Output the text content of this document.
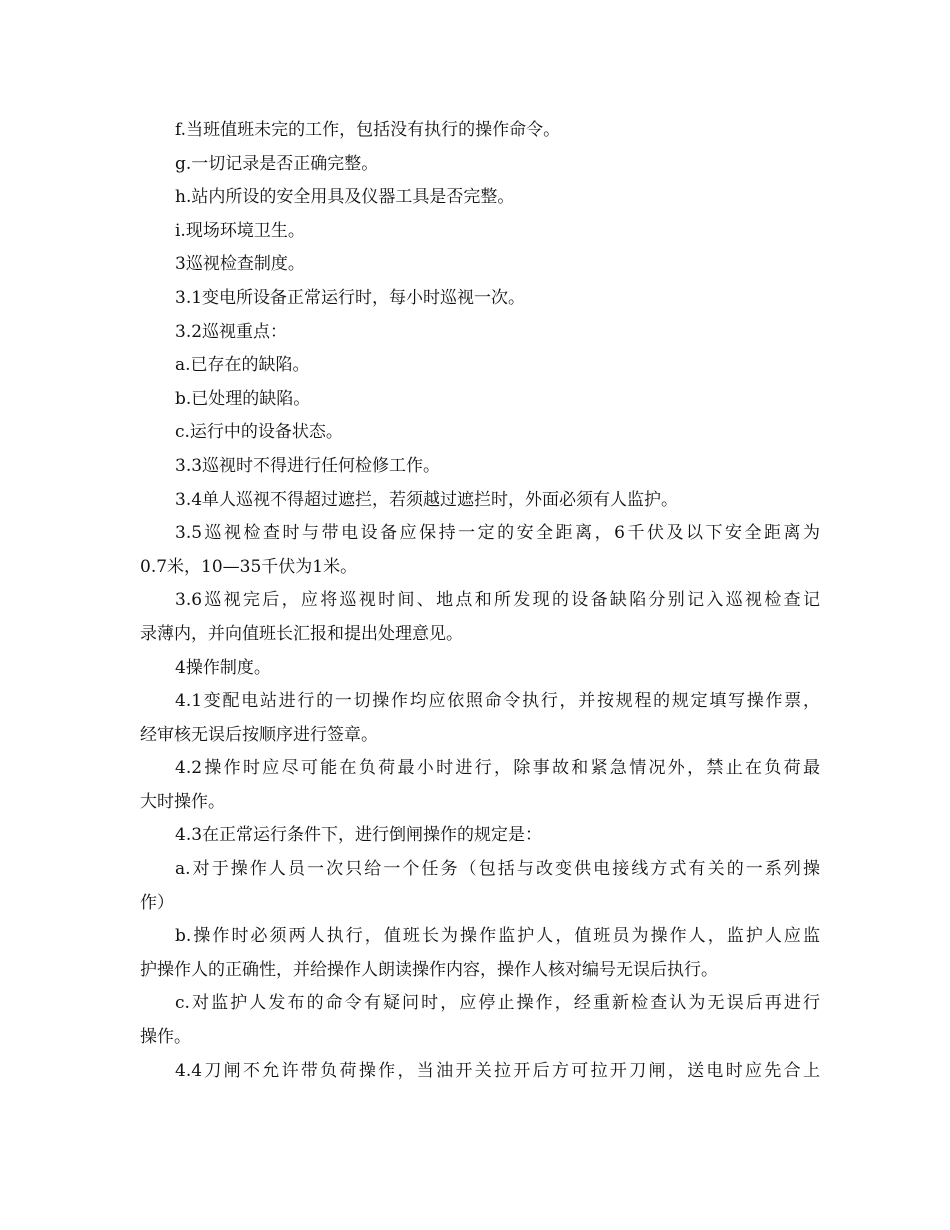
f.当班值班未完的工作，包括没有执行的操作命令。
g.一切记录是否正确完整。
h.站内所设的安全用具及仪器工具是否完整。
i.现场环境卫生。
3巡视检查制度。
3.1变电所设备正常运行时，每小时巡视一次。
3.2巡视重点：
a.已存在的缺陷。
b.已处理的缺陷。
c.运行中的设备状态。
3.3巡视时不得进行任何检修工作。
3.4单人巡视不得超过遮拦，若须越过遮拦时，外面必须有人监护。
3.5巡视检查时与带电设备应保持一定的安全距离，6千伏及以下安全距离为
0.7米，10—35千伏为1米。
3.6巡视完后，应将巡视时间、地点和所发现的设备缺陷分别记入巡视检查记
录薄内，并向值班长汇报和提出处理意见。
4操作制度。
4.1变配电站进行的一切操作均应依照命令执行，并按规程的规定填写操作票，
经审核无误后按顺序进行签章。
4.2操作时应尽可能在负荷最小时进行，除事故和紧急情况外，禁止在负荷最
大时操作。
4.3在正常运行条件下，进行倒闸操作的规定是：
a.对于操作人员一次只给一个任务（包括与改变供电接线方式有关的一系列操
作）
b.操作时必须两人执行，值班长为操作监护人，值班员为操作人，监护人应监
护操作人的正确性，并给操作人朗读操作内容，操作人核对编号无误后执行。
c.对监护人发布的命令有疑问时，应停止操作，经重新检查认为无误后再进行
操作。
4.4刀闸不允许带负荷操作，当油开关拉开后方可拉开刀闸，送电时应先合上
